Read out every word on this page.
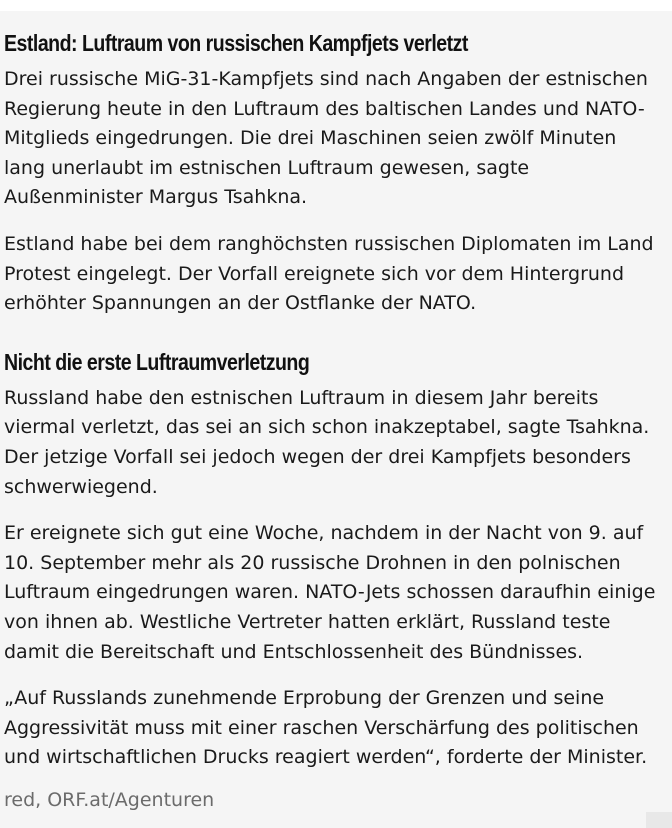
Estland: Luftraum von russischen Kampfjets verletzt

Drei russische MiG-31-Kampfjets sind nach Angaben der estnischen
Regierung heute in den Luftraum des baltischen Landes und NATO-
Mitglieds eingedrungen. Die drei Maschinen seien zwölf Minuten
lang unerlaubt im estnischen Luftraum gewesen, sagte
Außenminister Margus Tsahkna.

Estland habe bei dem ranghöchsten russischen Diplomaten im Land
Protest eingelegt. Der Vorfall ereignete sich vor dem Hintergrund
erhöhter Spannungen an der Ostflanke der NATO.

Nicht die erste Luftraumverletzung

Russland habe den estnischen Luftraum in diesem Jahr bereits
viermal verletzt, das sei an sich schon inakzeptabel, sagte Tsahkna.
Der jetzige Vorfall sei jedoch wegen der drei Kampfjets besonders
schwerwiegend.

Er ereignete sich gut eine Woche, nachdem in der Nacht von 9. auf
10. September mehr als 20 russische Drohnen in den polnischen
Luftraum eingedrungen waren. NATO-Jets schossen daraufhin einige
von ihnen ab. Westliche Vertreter hatten erklärt, Russland teste
damit die Bereitschaft und Entschlossenheit des Bündnisses.

„Auf Russlands zunehmende Erprobung der Grenzen und seine
Aggressivität muss mit einer raschen Verschärfung des politischen
und wirtschaftlichen Drucks reagiert werden“, forderte der Minister.

red, ORF.at/Agenturen
